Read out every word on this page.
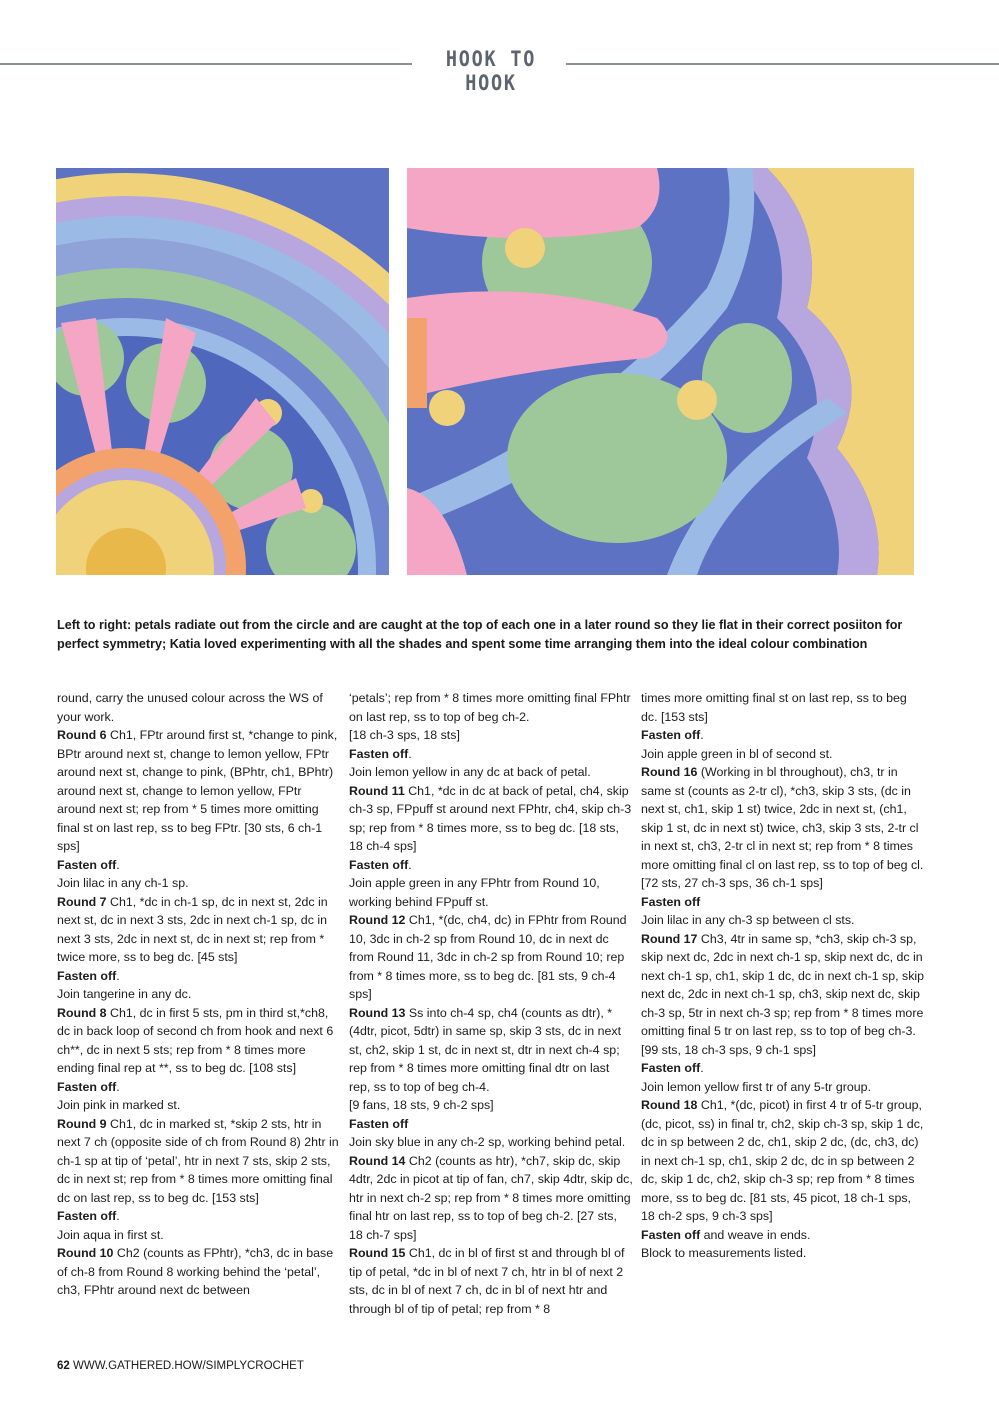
HOOK TO HOOK
Left to right: petals radiate out from the circle and are caught at the top of each one in a later round so they lie flat in their correct posiiton for perfect symmetry; Katia loved experimenting with all the shades and spent some time arranging them into the ideal colour combination

round, carry the unused colour across the WS of your work.

Round 6 Ch1, FPtr around first st, *change to pink, BPtr around next st, change to lemon yellow, FPtr around next st, change to pink, (BPhtr, ch1, BPhtr) around next st, change to lemon yellow, FPtr around next st; rep from * 5 times more omitting final st on last rep, ss to beg FPtr. [30 sts, 6 ch-1 sps]

Fasten off.

Join lilac in any ch-1 sp.

Round 7 Ch1, *dc in ch-1 sp, dc in next st, 2dc in next st, dc in next 3 sts, 2dc in next ch-1 sp, dc in next 3 sts, 2dc in next st, dc in next st; rep from * twice more, ss to beg dc. [45 sts]

Fasten off.

Join tangerine in any dc.

Round 8 Ch1, dc in first 5 sts, pm in third st,*ch8, dc in back loop of second ch from hook and next 6 ch**, dc in next 5 sts; rep from * 8 times more ending final rep at **, ss to beg dc. [108 sts]

Fasten off.

Join pink in marked st.

Round 9 Ch1, dc in marked st, *skip 2 sts, htr in next 7 ch (opposite side of ch from Round 8) 2htr in ch-1 sp at tip of ‘petal’, htr in next 7 sts, skip 2 sts, dc in next st; rep from * 8 times more omitting final dc on last rep, ss to beg dc. [153 sts]

Fasten off.

Join aqua in first st.

Round 10 Ch2 (counts as FPhtr), *ch3, dc in base of ch-8 from Round 8 working behind the ‘petal’, ch3, FPhtr around next dc between

‘petals’; rep from * 8 times more omitting final FPhtr on last rep, ss to top of beg ch-2.

[18 ch-3 sps, 18 sts]

Fasten off.

Join lemon yellow in any dc at back of petal.

Round 11 Ch1, *dc in dc at back of petal, ch4, skip ch-3 sp, FPpuff st around next FPhtr, ch4, skip ch-3 sp; rep from * 8 times more, ss to beg dc. [18 sts, 18 ch-4 sps]

Fasten off.

Join apple green in any FPhtr from Round 10, working behind FPpuff st.

Round 12 Ch1, *(dc, ch4, dc) in FPhtr from Round 10, 3dc in ch-2 sp from Round 10, dc in next dc from Round 11, 3dc in ch-2 sp from Round 10; rep from * 8 times more, ss to beg dc. [81 sts, 9 ch-4 sps]

Round 13 Ss into ch-4 sp, ch4 (counts as dtr), *(4dtr, picot, 5dtr) in same sp, skip 3 sts, dc in next st, ch2, skip 1 st, dc in next st, dtr in next ch-4 sp; rep from * 8 times more omitting final dtr on last rep, ss to top of beg ch-4.

[9 fans, 18 sts, 9 ch-2 sps]

Fasten off

Join sky blue in any ch-2 sp, working behind petal.

Round 14 Ch2 (counts as htr), *ch7, skip dc, skip 4dtr, 2dc in picot at tip of fan, ch7, skip 4dtr, skip dc, htr in next ch-2 sp; rep from * 8 times more omitting final htr on last rep, ss to top of beg ch-2. [27 sts, 18 ch-7 sps]

Round 15 Ch1, dc in bl of first st and through bl of tip of petal, *dc in bl of next 7 ch, htr in bl of next 2 sts, dc in bl of next 7 ch, dc in bl of next htr and through bl of tip of petal; rep from * 8

times more omitting final st on last rep, ss to beg dc. [153 sts]

Fasten off.

Join apple green in bl of second st.

Round 16 (Working in bl throughout), ch3, tr in same st (counts as 2-tr cl), *ch3, skip 3 sts, (dc in next st, ch1, skip 1 st) twice, 2dc in next st, (ch1, skip 1 st, dc in next st) twice, ch3, skip 3 sts, 2-tr cl in next st, ch3, 2-tr cl in next st; rep from * 8 times more omitting final cl on last rep, ss to top of beg cl. [72 sts, 27 ch-3 sps, 36 ch-1 sps]

Fasten off

Join lilac in any ch-3 sp between cl sts.

Round 17 Ch3, 4tr in same sp, *ch3, skip ch-3 sp, skip next dc, 2dc in next ch-1 sp, skip next dc, dc in next ch-1 sp, ch1, skip 1 dc, dc in next ch-1 sp, skip next dc, 2dc in next ch-1 sp, ch3, skip next dc, skip ch-3 sp, 5tr in next ch-3 sp; rep from * 8 times more omitting final 5 tr on last rep, ss to top of beg ch-3.

[99 sts, 18 ch-3 sps, 9 ch-1 sps]

Fasten off.

Join lemon yellow first tr of any 5-tr group.

Round 18 Ch1, *(dc, picot) in first 4 tr of 5-tr group, (dc, picot, ss) in final tr, ch2, skip ch-3 sp, skip 1 dc, dc in sp between 2 dc, ch1, skip 2 dc, (dc, ch3, dc) in next ch-1 sp, ch1, skip 2 dc, dc in sp between 2 dc, skip 1 dc, ch2, skip ch-3 sp; rep from * 8 times more, ss to beg dc. [81 sts, 45 picot, 18 ch-1 sps, 18 ch-2 sps, 9 ch-3 sps]

Fasten off and weave in ends.

Block to measurements listed.

62 WWW.GATHERED.HOW/SIMPLYCROCHET
